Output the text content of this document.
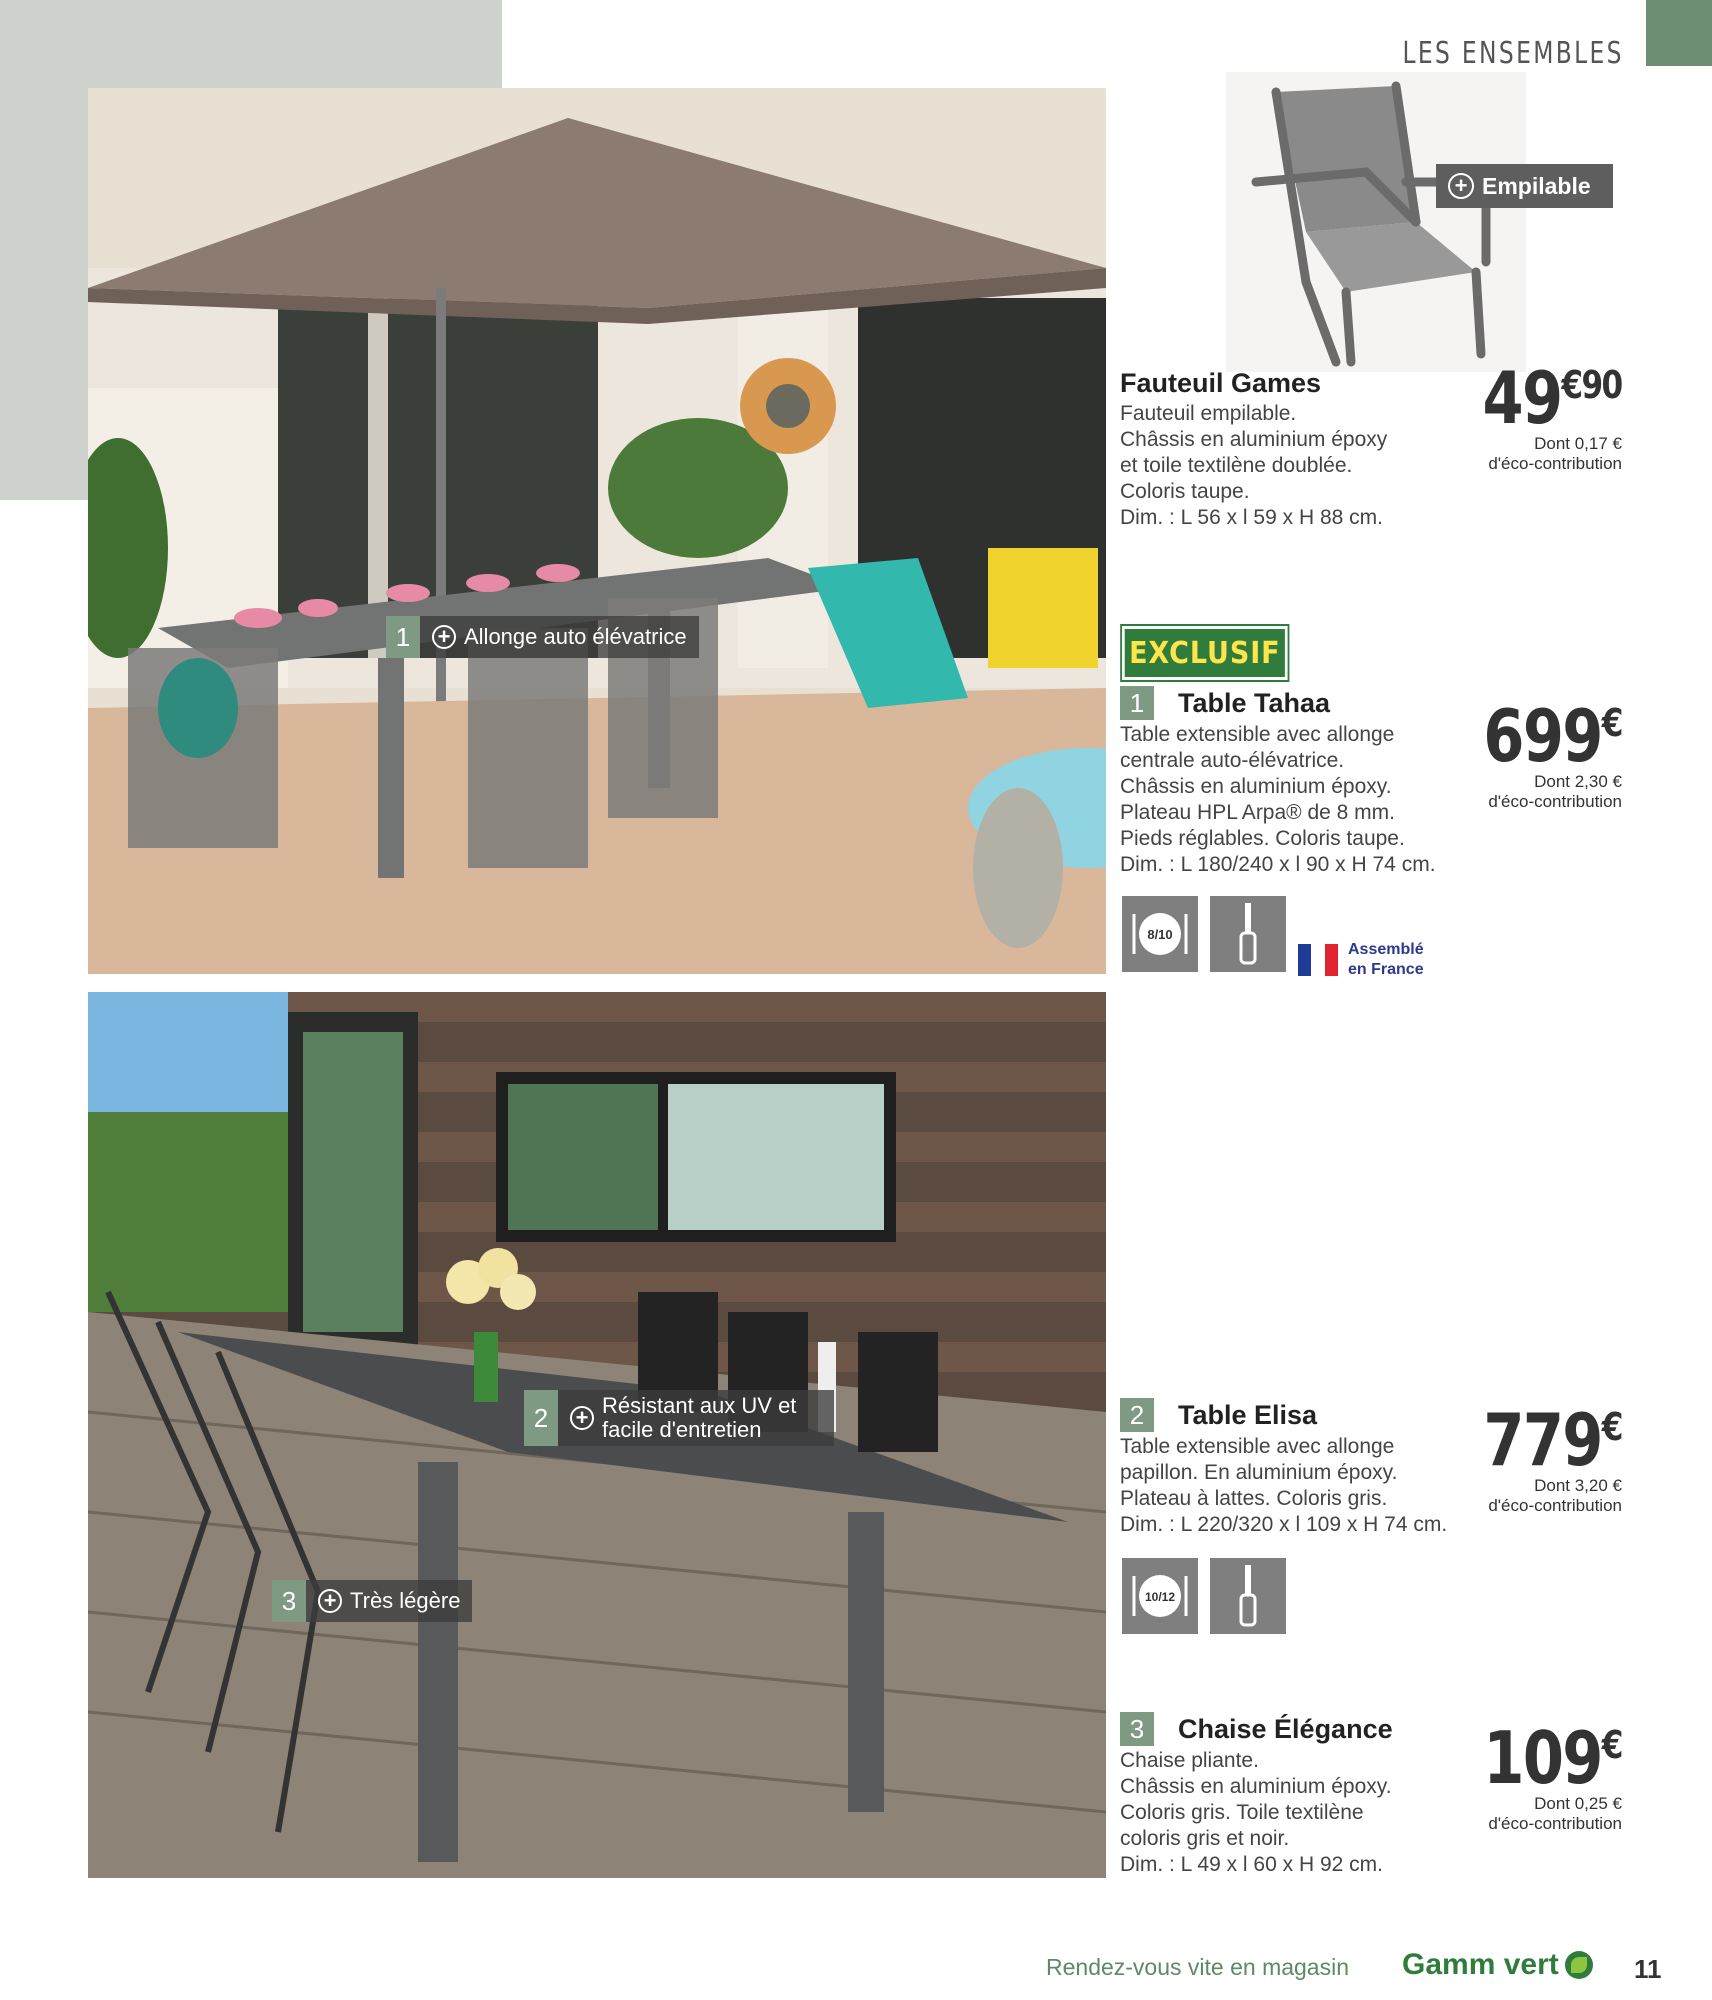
LES ENSEMBLES
1	+ Allonge auto élévatrice
2	+ Résistant aux UV et facile d'entretien
3	+ Très légère
+ Empilable
Fauteuil Games
Fauteuil empilable.
Châssis en aluminium époxy
et toile textilène doublée.
Coloris taupe.
Dim. : L 56 x l 59 x H 88 cm.
$49^{€90}$
Dont 0,17 €
d'éco-contribution
EXCLUSIF
1	Table Tahaa
Table extensible avec allonge
centrale auto-élévatrice.
Châssis en aluminium époxy.
Plateau HPL Arpa® de 8 mm.
Pieds réglables. Coloris taupe.
Dim. : L 180/240 x l 90 x H 74 cm.
699€
Dont 2,30 €
d'éco-contribution
8/10
Assemblé
en France
2	Table Elisa
Table extensible avec allonge
papillon. En aluminium époxy.
Plateau à lattes. Coloris gris.
Dim. : L 220/320 x l 109 x H 74 cm.
779€
Dont 3,20 €
d'éco-contribution
10/12
3	Chaise Élégance
Chaise pliante.
Châssis en aluminium époxy.
Coloris gris. Toile textilène
coloris gris et noir.
Dim. : L 49 x l 60 x H 92 cm.
109€
Dont 0,25 €
d'éco-contribution
Rendez-vous vite en magasin Gamm vert	11
